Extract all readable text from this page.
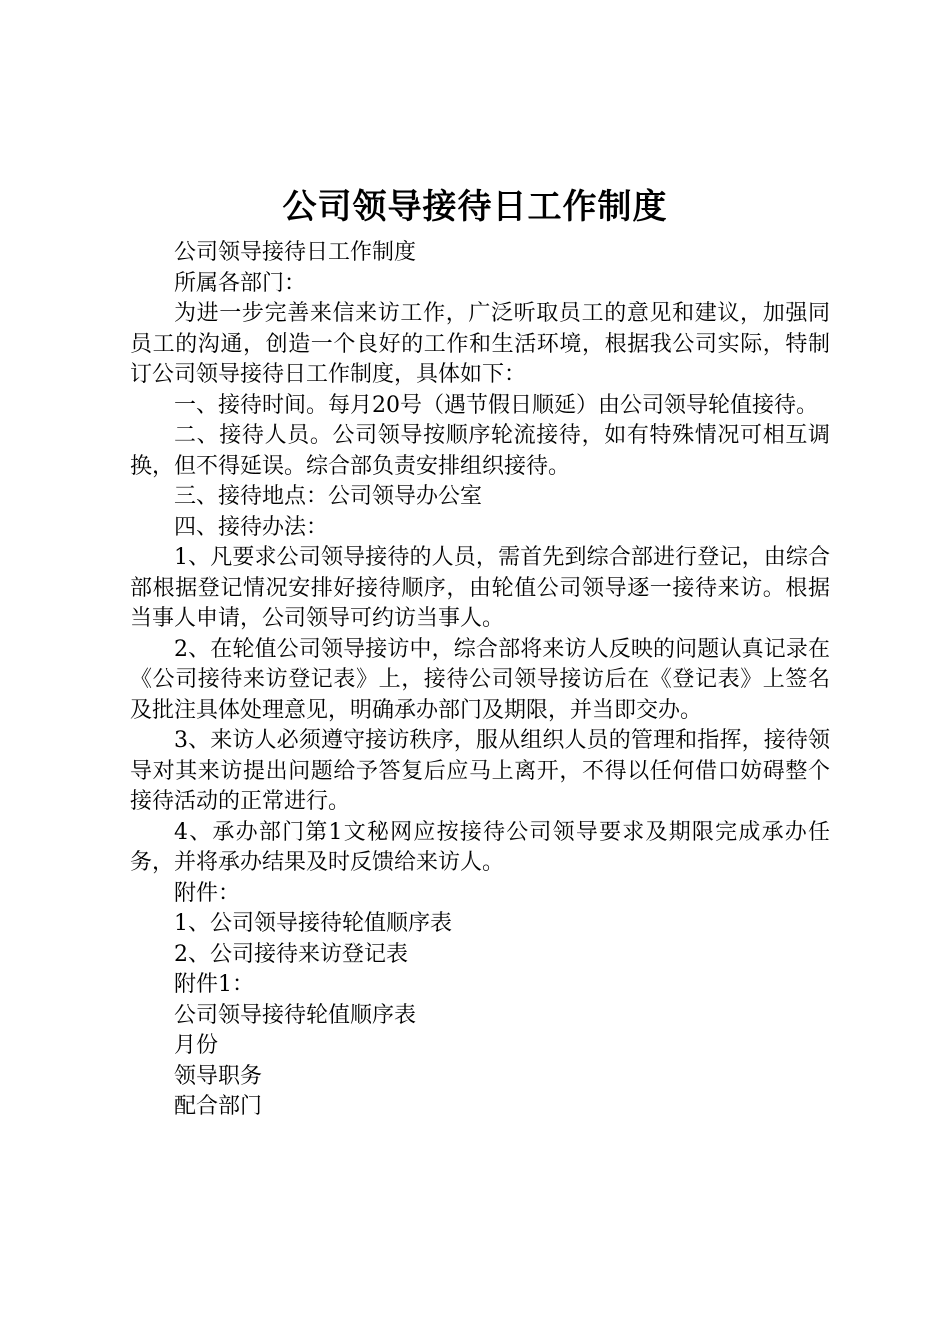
公司领导接待日工作制度

公司领导接待日工作制度

所属各部门：

为进一步完善来信来访工作，广泛听取员工的意见和建议，加强同员工的沟通，创造一个良好的工作和生活环境，根据我公司实际，特制订公司领导接待日工作制度，具体如下：

一、接待时间。每月20号（遇节假日顺延）由公司领导轮值接待。

二、接待人员。公司领导按顺序轮流接待，如有特殊情况可相互调换，但不得延误。综合部负责安排组织接待。

三、接待地点：公司领导办公室

四、接待办法：

1、凡要求公司领导接待的人员，需首先到综合部进行登记，由综合部根据登记情况安排好接待顺序，由轮值公司领导逐一接待来访。根据当事人申请，公司领导可约访当事人。

2、在轮值公司领导接访中，综合部将来访人反映的问题认真记录在《公司接待来访登记表》上，接待公司领导接访后在《登记表》上签名及批注具体处理意见，明确承办部门及期限，并当即交办。

3、来访人必须遵守接访秩序，服从组织人员的管理和指挥，接待领导对其来访提出问题给予答复后应马上离开，不得以任何借口妨碍整个接待活动的正常进行。

4、承办部门第1文秘网应按接待公司领导要求及期限完成承办任务，并将承办结果及时反馈给来访人。

附件：

1、公司领导接待轮值顺序表

2、公司接待来访登记表

附件1：

公司领导接待轮值顺序表

月份

领导职务

配合部门
